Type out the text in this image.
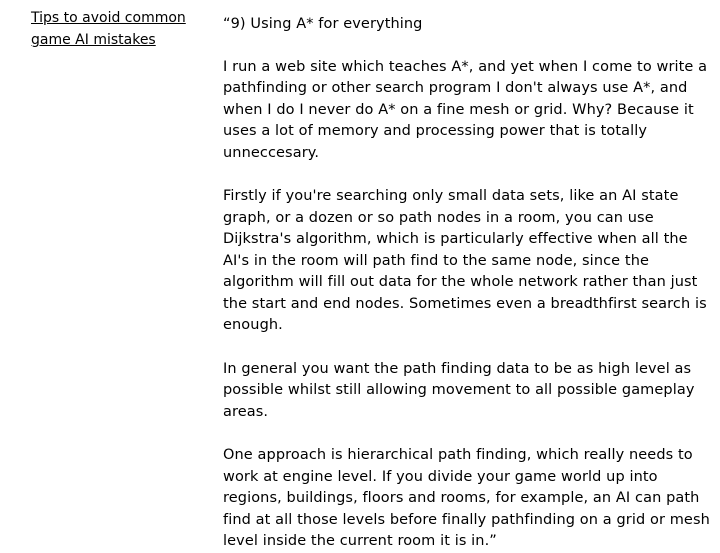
Tips to avoid common game AI mistakes

“9) Using A* for everything

I run a web site which teaches A*, and yet when I come to write a pathfinding or other search program I don't always use A*, and when I do I never do A* on a fine mesh or grid. Why? Because it uses a lot of memory and processing power that is totally unneccesary.

Firstly if you're searching only small data sets, like an AI state graph, or a dozen or so path nodes in a room, you can use Dijkstra's algorithm, which is particularly effective when all the AI's in the room will path find to the same node, since the algorithm will fill out data for the whole network rather than just the start and end nodes. Sometimes even a breadthfirst search is enough.

In general you want the path finding data to be as high level as possible whilst still allowing movement to all possible gameplay areas.

One approach is hierarchical path finding, which really needs to work at engine level. If you divide your game world up into regions, buildings, floors and rooms, for example, an AI can path find at all those levels before finally pathfinding on a grid or mesh level inside the current room it is in.”
